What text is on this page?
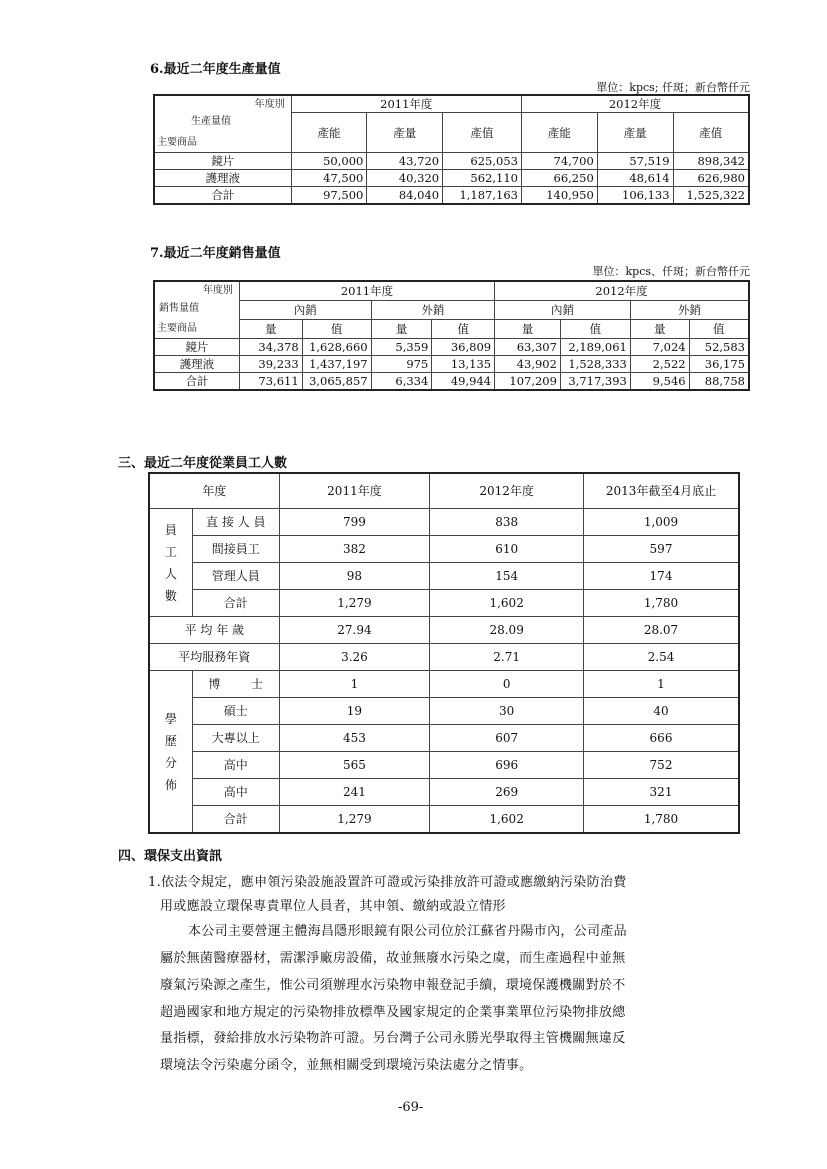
6.最近二年度生產量值
單位：kpcs; 仟斑；新台幣仟元
年度別
生產量值
主要商品	2011年度			2012年度		
	產能	產量	產值	產能	產量	產值
鏡片	50,000	43,720	625,053	74,700	57,519	898,342
護理液	47,500	40,320	562,110	66,250	48,614	626,980
合計	97,500	84,040	1,187,163	140,950	106,133	1,525,322
7.最近二年度銷售量值
單位：kpcs、仟斑；新台幣仟元
年度別
銷售量值
主要商品	2011年度				2012年度			
	內銷		外銷		內銷		外銷	
	量	值	量	值	量	值	量	值
鏡片	34,378	1,628,660	5,359	36,809	63,307	2,189,061	7,024	52,583
護理液	39,233	1,437,197	975	13,135	43,902	1,528,333	2,522	36,175
合計	73,611	3,065,857	6,334	49,944	107,209	3,717,393	9,546	88,758
三、最近二年度從業員工人數
年度		2011年度	2012年度	2013年截至4月底止
員工人數	直 接 人 員	799	838	1,009
	間接員工	382	610	597
	管理人員	98	154	174
	合計	1,279	1,602	1,780
平 均 年 歲		27.94	28.09	28.07
平均服務年資		3.26	2.71	2.54
學歷分佈	博        士	1	0	1
	碩士	19	30	40
	大專以上	453	607	666
	高中	565	696	752
	高中	241	269	321
	合計	1,279	1,602	1,780
四、環保支出資訊
1.依法令規定，應申領污染設施設置許可證或污染排放許可證或應繳納污染防治費
用或應設立環保專責單位人員者，其申領、繳納或設立情形
本公司主要營運主體海昌隱形眼鏡有限公司位於江蘇省丹陽市內，公司產品
屬於無菌醫療器材，需潔淨廠房設備，故並無廢水污染之虞，而生產過程中並無
廢氣污染源之產生，惟公司須辦理水污染物申報登記手續，環境保護機關對於不
超過國家和地方規定的污染物排放標準及國家規定的企業事業單位污染物排放總
量指標，發給排放水污染物許可證。另台灣子公司永勝光學取得主管機關無違反
環境法令污染處分函令，並無相關受到環境污染法處分之情事。
-69-
